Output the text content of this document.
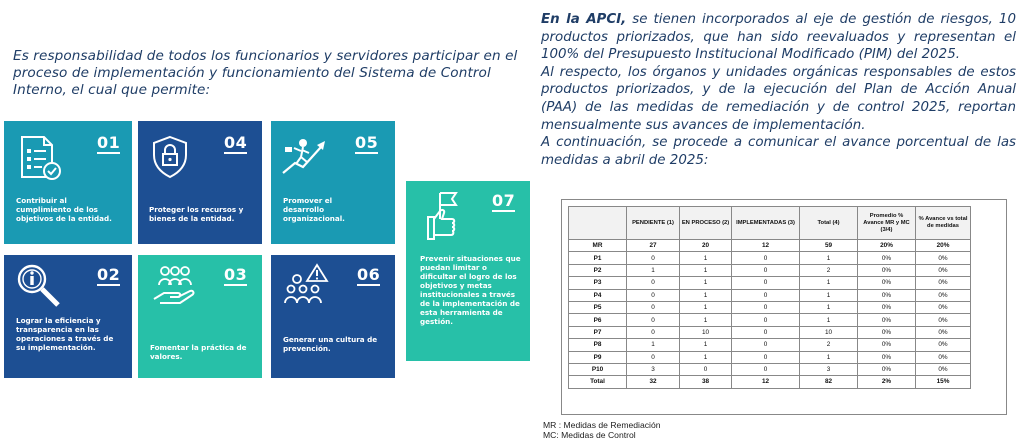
Es responsabilidad de todos los funcionarios y servidores participar en el proceso de implementación y funcionamiento del Sistema de Control Interno, el cual que permite:
01
Contribuir al cumplimiento de los objetivos de la entidad.
04
Proteger los recursos y bienes de la entidad.
05
Promover el desarrollo organizacional.
02
Lograr la eficiencia y transparencia en las operaciones a través de su implementación.
03
Fomentar la práctica de valores.
06
Generar una cultura de prevención.
07
Prevenir situaciones que puedan limitar o dificultar el logro de los objetivos y metas institucionales a través de la implementación de esta herramienta de gestión.

En la APCI, se tienen incorporados al eje de gestión de riesgos, 10 productos priorizados, que han sido reevaluados y representan el 100% del Presupuesto Institucional Modificado (PIM) del 2025.

Al respecto, los órganos y unidades orgánicas responsables de estos productos priorizados, y de la ejecución del Plan de Acción Anual (PAA) de las medidas de remediación y de control 2025, reportan mensualmente sus avances de implementación.

A continuación, se procede a comunicar el avance porcentual de las medidas a abril de 2025:

	PENDIENTE (1)	EN PROCESO (2)	IMPLEMENTADAS (3)	Total (4)	Promedio % Avance MR y MC (3/4)	% Avance vs total de medidas
MR	27	20	12	59	20%	20%
P1	0	1	0	1	0%	0%
P2	1	1	0	2	0%	0%
P3	0	1	0	1	0%	0%
P4	0	1	0	1	0%	0%
P5	0	1	0	1	0%	0%
P6	0	1	0	1	0%	0%
P7	0	10	0	10	0%	0%
P8	1	1	0	2	0%	0%
P9	0	1	0	1	0%	0%
P10	3	0	0	3	0%	0%
Total	32	38	12	82	2%	15%
MR : Medidas de Remediación
MC: Medidas de Control
